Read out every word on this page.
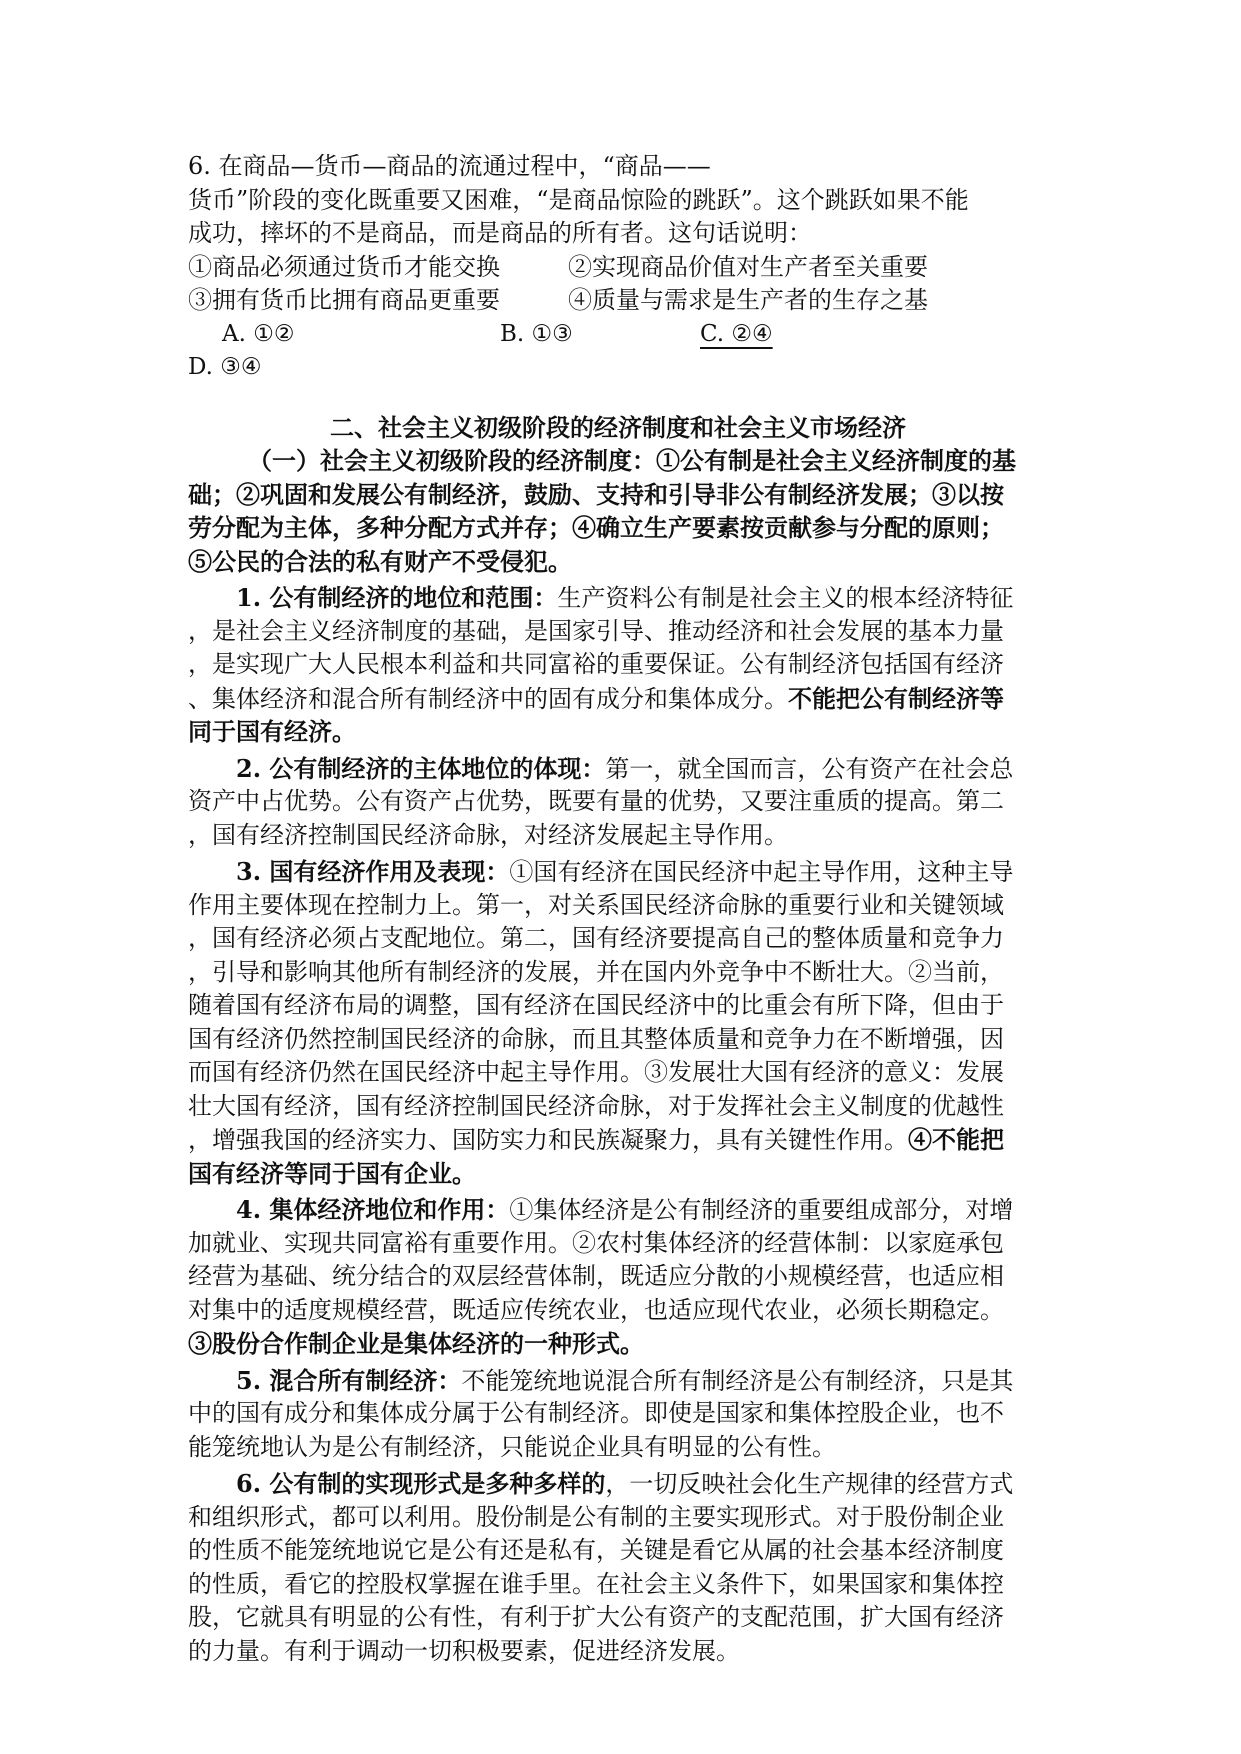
6. 在商品—货币—商品的流通过程中，“商品——
货币”阶段的变化既重要又困难，“是商品惊险的跳跃”。这个跳跃如果不能
成功，摔坏的不是商品，而是商品的所有者。这句话说明：
①商品必须通过货币才能交换	②实现商品价值对生产者至关重要
③拥有货币比拥有商品更重要	④质量与需求是生产者的生存之基
A. ①②	B. ①③	C. ②④
D. ③④
二、社会主义初级阶段的经济制度和社会主义市场经济
（一）社会主义初级阶段的经济制度：①公有制是社会主义经济制度的基
础；②巩固和发展公有制经济，鼓励、支持和引导非公有制经济发展；③以按
劳分配为主体，多种分配方式并存；④确立生产要素按贡献参与分配的原则；
⑤公民的合法的私有财产不受侵犯。
1. 公有制经济的地位和范围：生产资料公有制是社会主义的根本经济特征
，是社会主义经济制度的基础，是国家引导、推动经济和社会发展的基本力量
，是实现广大人民根本利益和共同富裕的重要保证。公有制经济包括国有经济
、集体经济和混合所有制经济中的固有成分和集体成分。不能把公有制经济等
同于国有经济。
2. 公有制经济的主体地位的体现：第一，就全国而言，公有资产在社会总
资产中占优势。公有资产占优势，既要有量的优势，又要注重质的提高。第二
，国有经济控制国民经济命脉，对经济发展起主导作用。
3. 国有经济作用及表现：①国有经济在国民经济中起主导作用，这种主导
作用主要体现在控制力上。第一，对关系国民经济命脉的重要行业和关键领域
，国有经济必须占支配地位。第二，国有经济要提高自己的整体质量和竞争力
，引导和影响其他所有制经济的发展，并在国内外竞争中不断壮大。②当前，
随着国有经济布局的调整，国有经济在国民经济中的比重会有所下降，但由于
国有经济仍然控制国民经济的命脉，而且其整体质量和竞争力在不断增强，因
而国有经济仍然在国民经济中起主导作用。③发展壮大国有经济的意义：发展
壮大国有经济，国有经济控制国民经济命脉，对于发挥社会主义制度的优越性
，增强我国的经济实力、国防实力和民族凝聚力，具有关键性作用。④不能把
国有经济等同于国有企业。
4. 集体经济地位和作用：①集体经济是公有制经济的重要组成部分，对增
加就业、实现共同富裕有重要作用。②农村集体经济的经营体制：以家庭承包
经营为基础、统分结合的双层经营体制，既适应分散的小规模经营，也适应相
对集中的适度规模经营，既适应传统农业，也适应现代农业，必须长期稳定。
③股份合作制企业是集体经济的一种形式。
5. 混合所有制经济：不能笼统地说混合所有制经济是公有制经济，只是其
中的国有成分和集体成分属于公有制经济。即使是国家和集体控股企业，也不
能笼统地认为是公有制经济，只能说企业具有明显的公有性。
6. 公有制的实现形式是多种多样的，一切反映社会化生产规律的经营方式
和组织形式，都可以利用。股份制是公有制的主要实现形式。对于股份制企业
的性质不能笼统地说它是公有还是私有，关键是看它从属的社会基本经济制度
的性质，看它的控股权掌握在谁手里。在社会主义条件下，如果国家和集体控
股，它就具有明显的公有性，有利于扩大公有资产的支配范围，扩大国有经济
的力量。有利于调动一切积极要素，促进经济发展。
